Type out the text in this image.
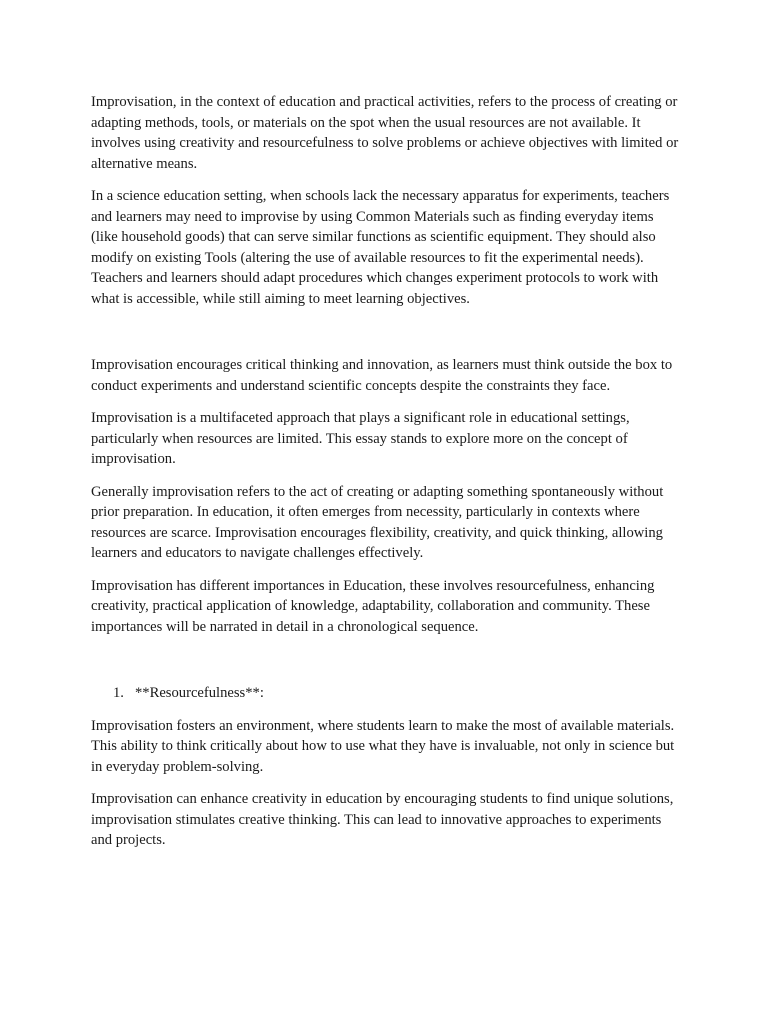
Improvisation, in the context of education and practical activities, refers to the process of creating or adapting methods, tools, or materials on the spot when the usual resources are not available. It involves using creativity and resourcefulness to solve problems or achieve objectives with limited or alternative means.

In a science education setting, when schools lack the necessary apparatus for experiments, teachers and learners may need to improvise by using Common Materials such as finding everyday items (like household goods) that can serve similar functions as scientific equipment. They should also modify on existing Tools (altering the use of available resources to fit the experimental needs). Teachers and learners should adapt procedures which changes experiment protocols to work with what is accessible, while still aiming to meet learning objectives.

Improvisation encourages critical thinking and innovation, as learners must think outside the box to conduct experiments and understand scientific concepts despite the constraints they face.

Improvisation is a multifaceted approach that plays a significant role in educational settings, particularly when resources are limited. This essay stands to explore more on the concept of improvisation.

Generally improvisation refers to the act of creating or adapting something spontaneously without prior preparation. In education, it often emerges from necessity, particularly in contexts where resources are scarce. Improvisation encourages flexibility, creativity, and quick thinking, allowing learners and educators to navigate challenges effectively.

Improvisation has different importances in Education, these involves resourcefulness, enhancing creativity, practical application of knowledge, adaptability, collaboration and community. These importances will be narrated in detail in a chronological sequence.

1. **Resourcefulness**:

Improvisation fosters an environment, where students learn to make the most of available materials. This ability to think critically about how to use what they have is invaluable, not only in science but in everyday problem-solving.

Improvisation can enhance creativity in education by encouraging students to find unique solutions, improvisation stimulates creative thinking. This can lead to innovative approaches to experiments and projects.
